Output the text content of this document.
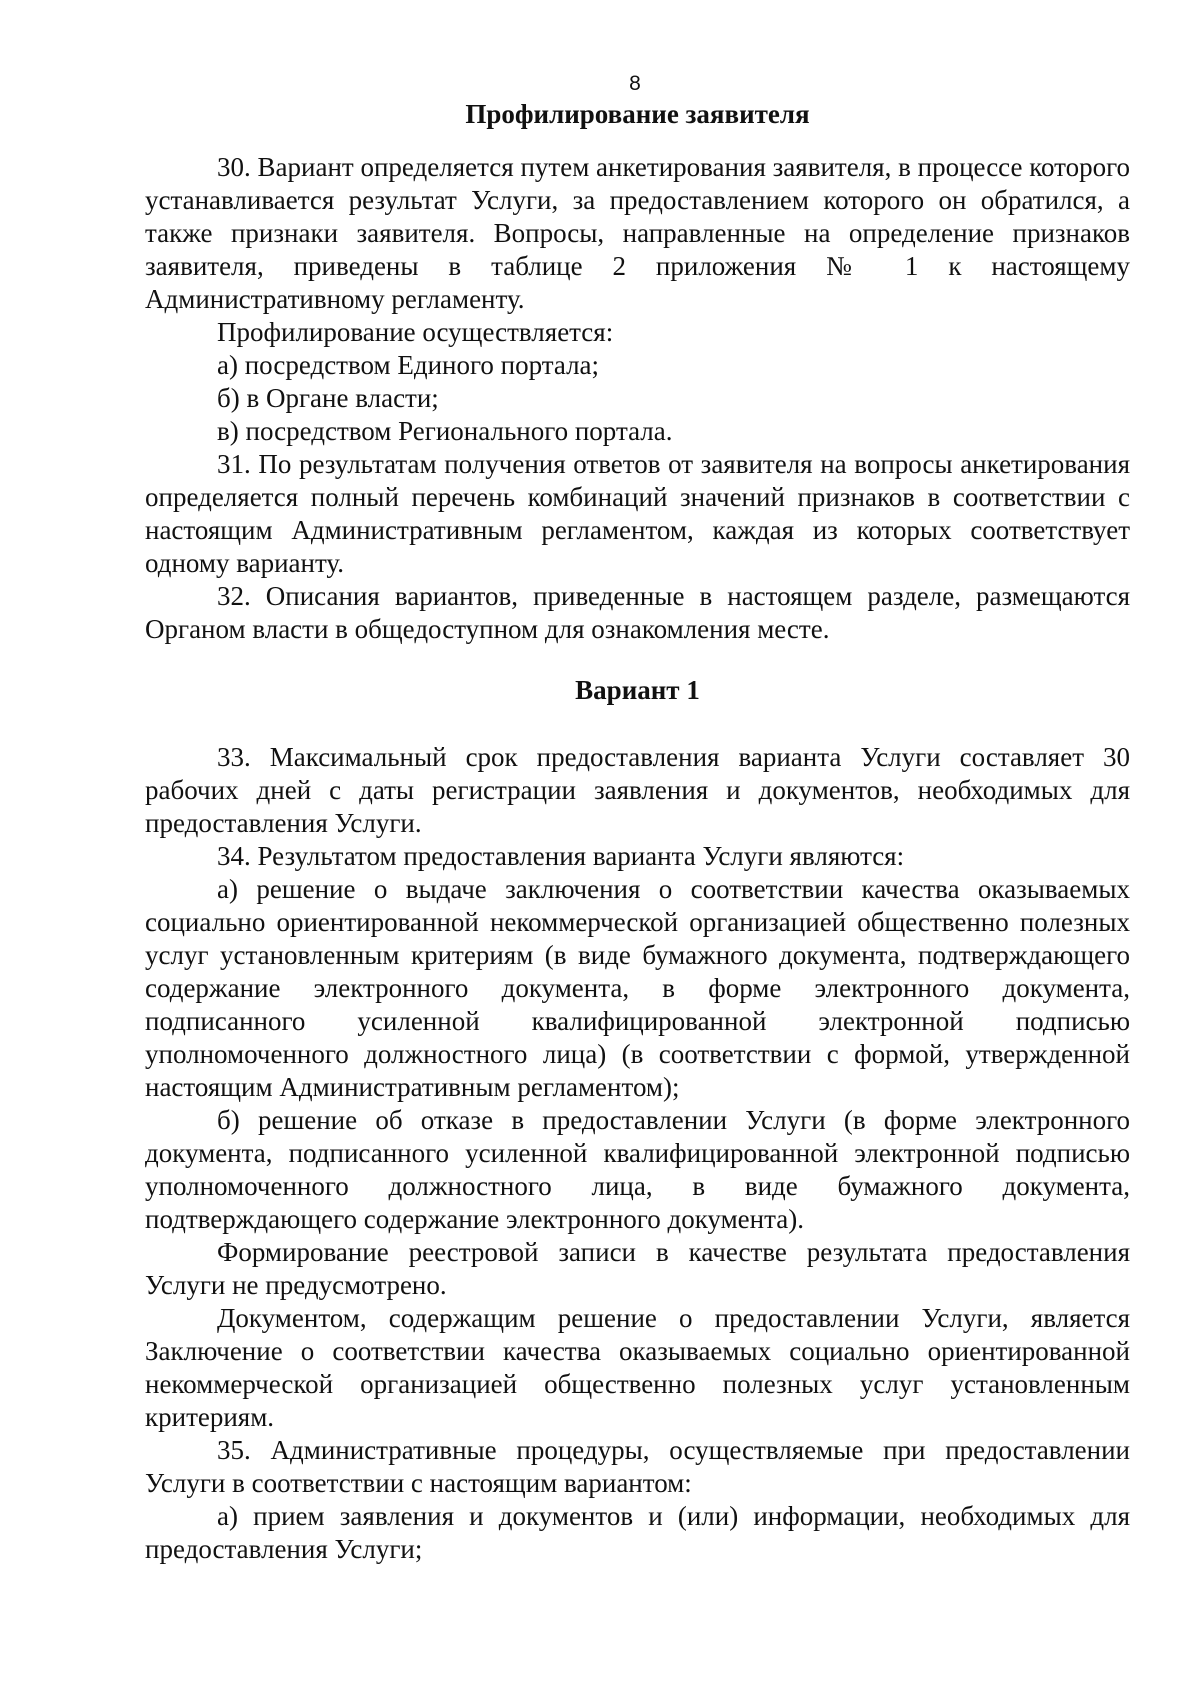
8
Профилирование заявителя

30. Вариант определяется путем анкетирования заявителя, в процессе которого устанавливается результат Услуги, за предоставлением которого он обратился, а также признаки заявителя. Вопросы, направленные на определение признаков заявителя, приведены в таблице 2 приложения № 1 к настоящему Административному регламенту.

Профилирование осуществляется:

а) посредством Единого портала;

б) в Органе власти;

в) посредством Регионального портала.

31. По результатам получения ответов от заявителя на вопросы анкетирования определяется полный перечень комбинаций значений признаков в соответствии с настоящим Административным регламентом, каждая из которых соответствует одному варианту.

32. Описания вариантов, приведенные в настоящем разделе, размещаются Органом власти в общедоступном для ознакомления месте.

Вариант 1

33. Максимальный срок предоставления варианта Услуги составляет 30 рабочих дней с даты регистрации заявления и документов, необходимых для предоставления Услуги.

34. Результатом предоставления варианта Услуги являются:

а) решение о выдаче заключения о соответствии качества оказываемых социально ориентированной некоммерческой организацией общественно полезных услуг установленным критериям (в виде бумажного документа, подтверждающего содержание электронного документа, в форме электронного документа, подписанного усиленной квалифицированной электронной подписью уполномоченного должностного лица) (в соответствии с формой, утвержденной настоящим Административным регламентом);

б) решение об отказе в предоставлении Услуги (в форме электронного документа, подписанного усиленной квалифицированной электронной подписью уполномоченного должностного лица, в виде бумажного документа, подтверждающего содержание электронного документа).

Формирование реестровой записи в качестве результата предоставления Услуги не предусмотрено.

Документом, содержащим решение о предоставлении Услуги, является Заключение о соответствии качества оказываемых социально ориентированной некоммерческой организацией общественно полезных услуг установленным критериям.

35. Административные процедуры, осуществляемые при предоставлении Услуги в соответствии с настоящим вариантом:

а) прием заявления и документов и (или) информации, необходимых для предоставления Услуги;
